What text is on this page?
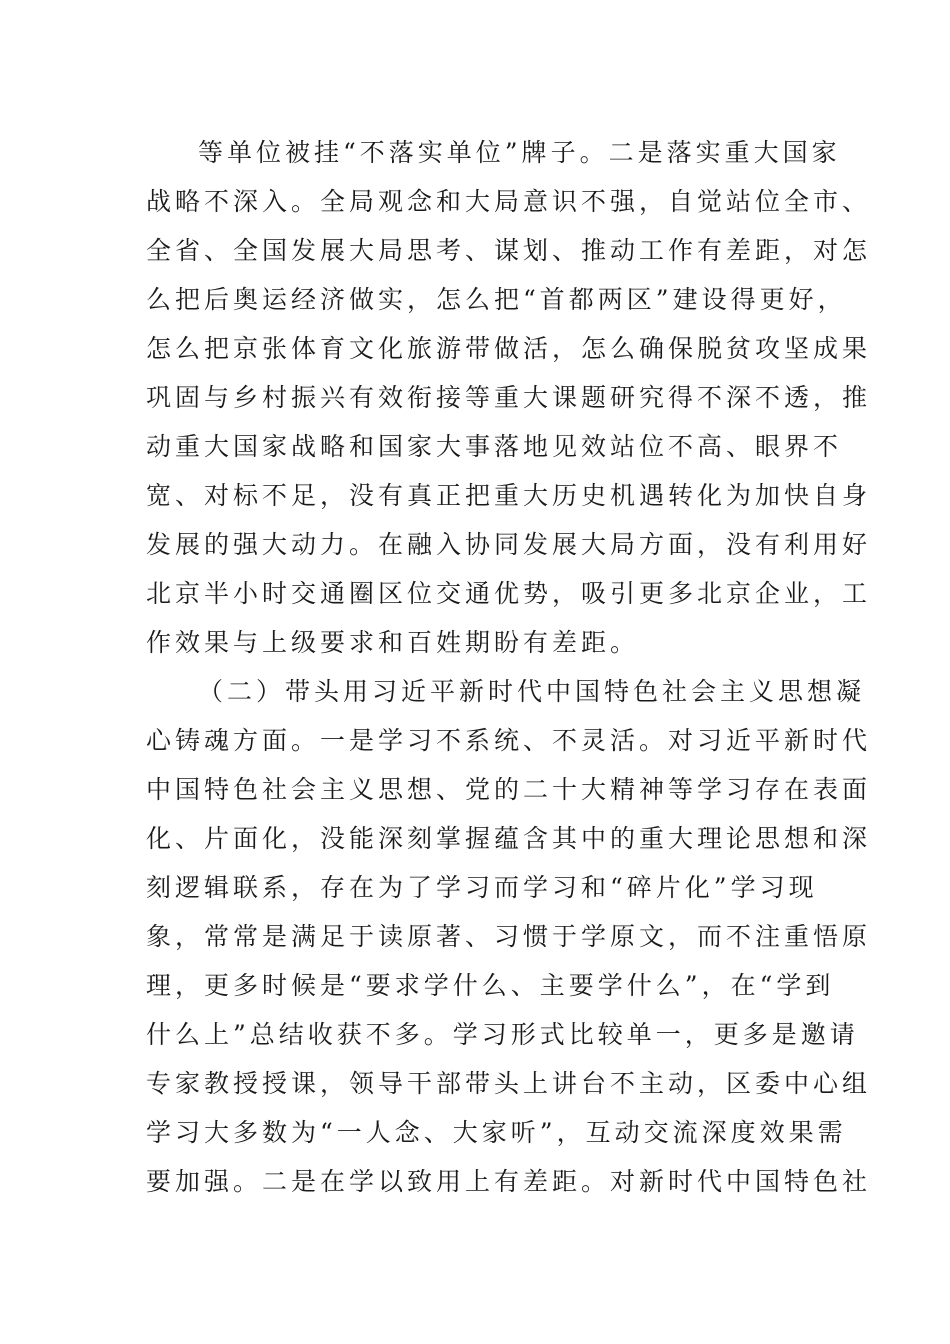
等单位被挂“不落实单位”牌子。二是落实重大国家
战略不深入。全局观念和大局意识不强，自觉站位全市、
全省、全国发展大局思考、谋划、推动工作有差距，对怎
么把后奥运经济做实，怎么把“首都两区”建设得更好，
怎么把京张体育文化旅游带做活，怎么确保脱贫攻坚成果
巩固与乡村振兴有效衔接等重大课题研究得不深不透，推
动重大国家战略和国家大事落地见效站位不高、眼界不
宽、对标不足，没有真正把重大历史机遇转化为加快自身
发展的强大动力。在融入协同发展大局方面，没有利用好
北京半小时交通圈区位交通优势，吸引更多北京企业，工
作效果与上级要求和百姓期盼有差距。
（二）带头用习近平新时代中国特色社会主义思想凝
心铸魂方面。一是学习不系统、不灵活。对习近平新时代
中国特色社会主义思想、党的二十大精神等学习存在表面
化、片面化，没能深刻掌握蕴含其中的重大理论思想和深
刻逻辑联系，存在为了学习而学习和“碎片化”学习现
象，常常是满足于读原著、习惯于学原文，而不注重悟原
理，更多时候是“要求学什么、主要学什么”，在“学到
什么上”总结收获不多。学习形式比较单一，更多是邀请
专家教授授课，领导干部带头上讲台不主动，区委中心组
学习大多数为“一人念、大家听”，互动交流深度效果需
要加强。二是在学以致用上有差距。对新时代中国特色社
